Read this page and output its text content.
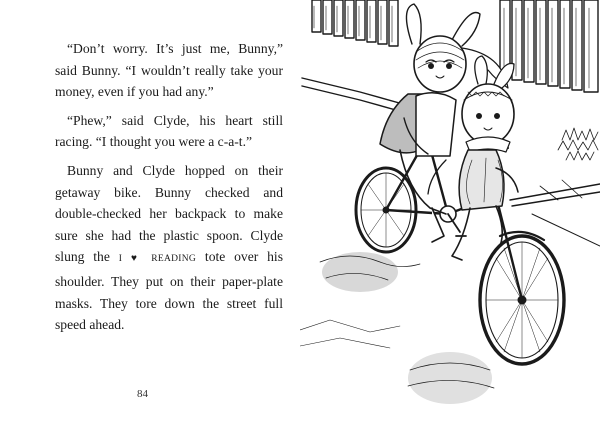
“Don’t worry. It’s just me, Bunny,” said Bunny. “I wouldn’t really take your money, even if you had any.”

“Phew,” said Clyde, his heart still racing. “I thought you were a c-a-t.”

Bunny and Clyde hopped on their getaway bike. Bunny checked and double-checked her backpack to make sure she had the plastic spoon. Clyde slung the I ♥ READING tote over his shoulder. They put on their paper-plate masks. They tore down the street full speed ahead.

84
